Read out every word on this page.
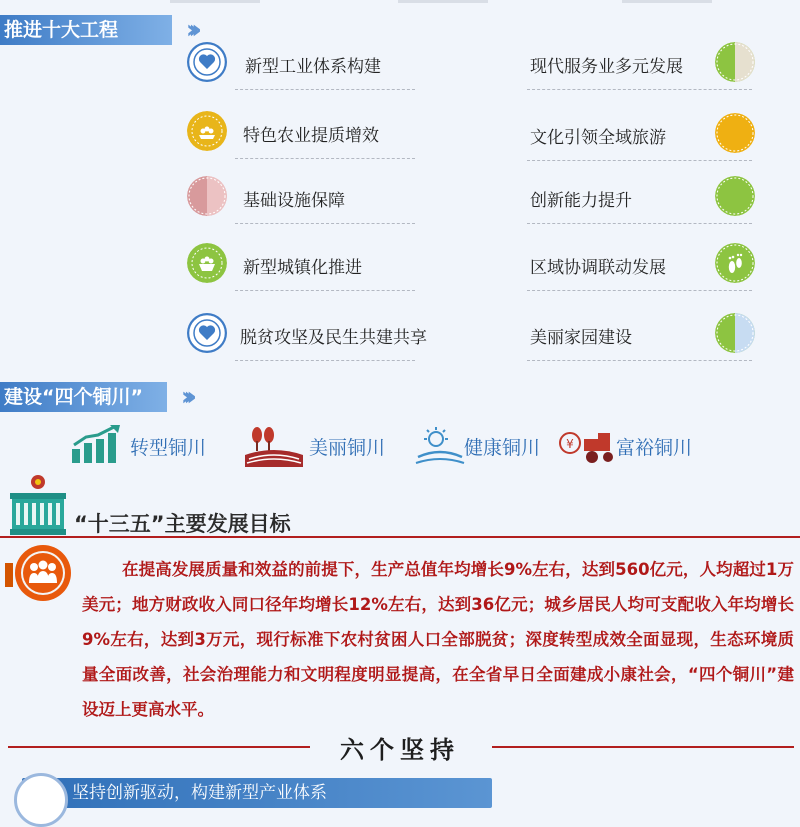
推进十大工程	›››
新型工业体系构建
特色农业提质增效
基础设施保障
新型城镇化推进
脱贫攻坚及民生共建共享
现代服务业多元发展
文化引领全域旅游
创新能力提升
区域协调联动发展
美丽家园建设
建设“四个铜川” ›››
转型铜川	美丽铜川	健康铜川 ¥ 富裕铜川
“十三五”主要发展目标
在提高发展质量和效益的前提下，生产总值年均增长9%左右，达到560亿元，人均超过1万美元；地方财政收入同口径年均增长12%左右，达到36亿元；城乡居民人均可支配收入年均增长9%左右，达到3万元，现行标准下农村贫困人口全部脱贫；深度转型成效全面显现，生态环境质量全面改善，社会治理能力和文明程度明显提高，在全省早日全面建成小康社会，“四个铜川”建设迈上更高水平。
六个坚持
坚持创新驱动，构建新型产业体系
